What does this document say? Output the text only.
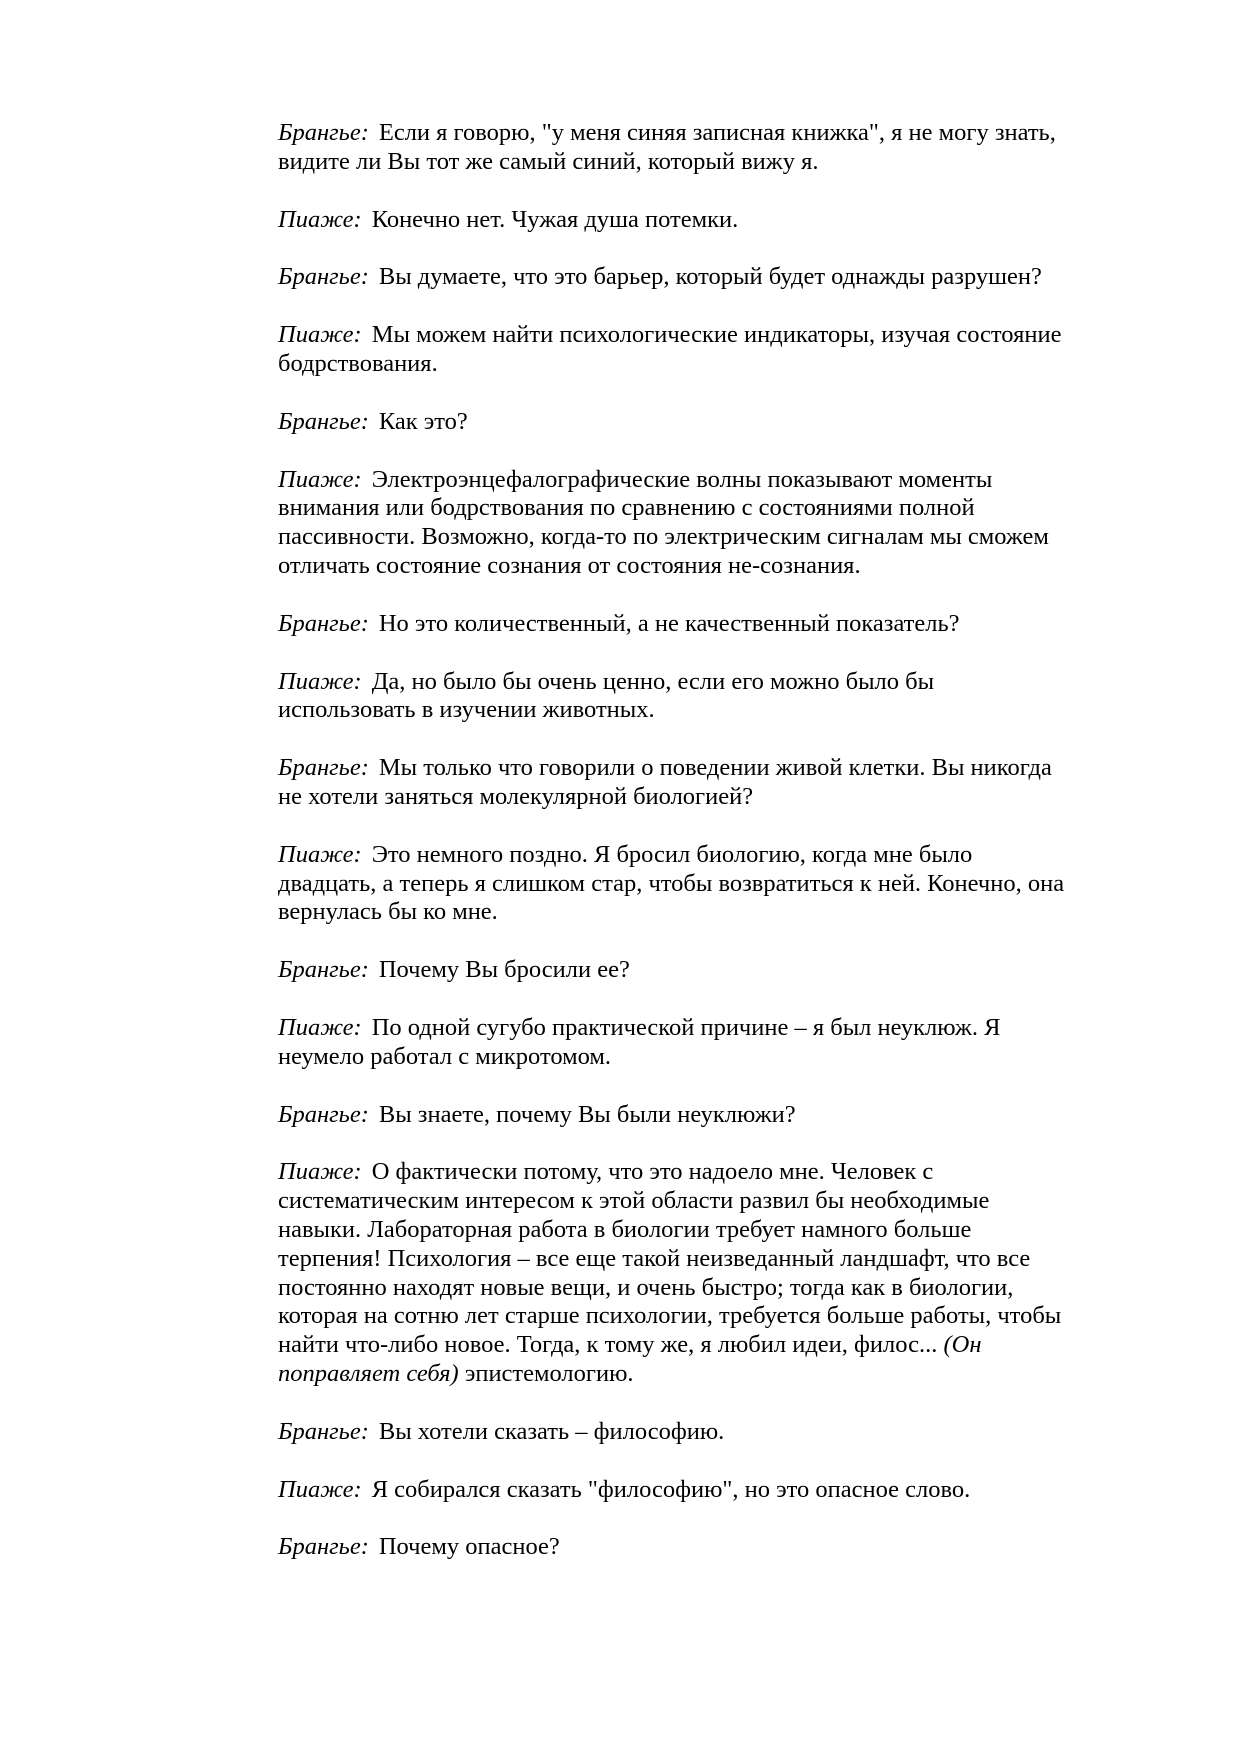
Брангье: Если я говорю, "у меня синяя записная книжка", я не могу знать, видите ли Вы тот же самый синий, который вижу я.

Пиаже: Конечно нет. Чужая душа потемки.

Брангье: Вы думаете, что это барьер, который будет однажды разрушен?

Пиаже: Мы можем найти психологические индикаторы, изучая состояние бодрствования.

Брангье: Как это?

Пиаже: Электроэнцефалографические волны показывают моменты внимания или бодрствования по сравнению с состояниями полной пассивности. Возможно, когда-то по электрическим сигналам мы сможем отличать состояние сознания от состояния не-сознания.

Брангье: Но это количественный, а не качественный показатель?

Пиаже: Да, но было бы очень ценно, если его можно было бы использовать в изучении животных.

Брангье: Мы только что говорили о поведении живой клетки. Вы никогда не хотели заняться молекулярной биологией?

Пиаже: Это немного поздно. Я бросил биологию, когда мне было двадцать, а теперь я слишком стар, чтобы возвратиться к ней. Конечно, она вернулась бы ко мне.

Брангье: Почему Вы бросили ее?

Пиаже: По одной сугубо практической причине – я был неуклюж. Я неумело работал с микротомом.

Брангье: Вы знаете, почему Вы были неуклюжи?

Пиаже: О фактически потому, что это надоело мне. Человек с систематическим интересом к этой области развил бы необходимые навыки. Лабораторная работа в биологии требует намного больше терпения! Психология – все еще такой неизведанный ландшафт, что все постоянно находят новые вещи, и очень быстро; тогда как в биологии, которая на сотню лет старше психологии, требуется больше работы, чтобы найти что-либо новое. Тогда, к тому же, я любил идеи, филос... (Он поправляет себя) эпистемологию.

Брангье: Вы хотели сказать – философию.

Пиаже: Я собирался сказать "философию", но это опасное слово.

Брангье: Почему опасное?
